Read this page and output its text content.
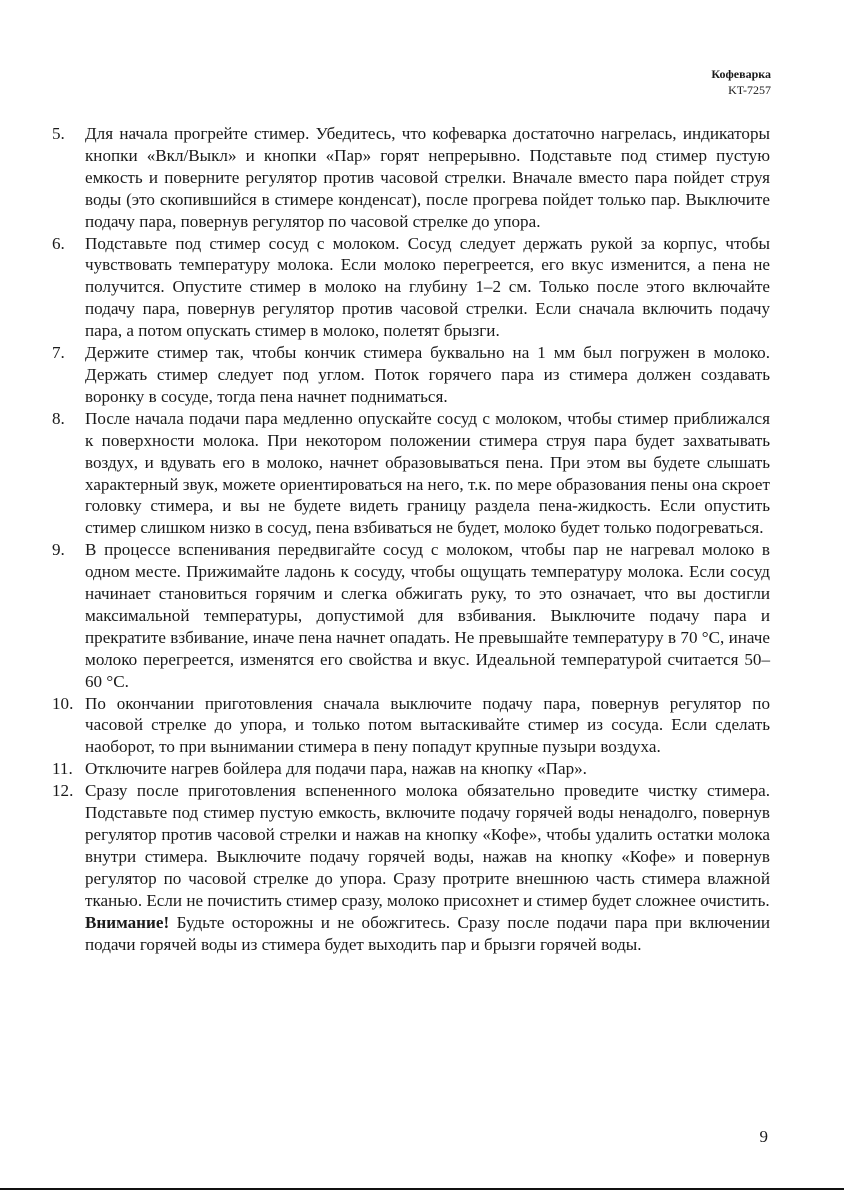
Кофеварка
KT-7257
5.	Для начала прогрейте стимер. Убедитесь, что кофеварка достаточно нагрелась, индикаторы кнопки «Вкл/Выкл» и кнопки «Пар» горят непрерывно. Подставьте под стимер пустую емкость и поверните регулятор против часовой стрелки. Вначале вместо пара пойдет струя воды (это скопившийся в стимере конденсат), после прогрева пойдет только пар. Выключите подачу пара, повернув регулятор по часовой стрелке до упора.
6.	Подставьте под стимер сосуд с молоком. Сосуд следует держать рукой за корпус, чтобы чувствовать температуру молока. Если молоко перегреется, его вкус изменится, а пена не получится. Опустите стимер в молоко на глубину 1–2 см. Только после этого включайте подачу пара, повернув регулятор против часовой стрелки. Если сначала включить подачу пара, а потом опускать стимер в молоко, полетят брызги.
7.	Держите стимер так, чтобы кончик стимера буквально на 1 мм был погружен в молоко. Держать стимер следует под углом. Поток горячего пара из стимера должен создавать воронку в сосуде, тогда пена начнет подниматься.
8.	После начала подачи пара медленно опускайте сосуд с молоком, чтобы стимер приближался к поверхности молока. При некотором положении стимера струя пара будет захватывать воздух, и вдувать его в молоко, начнет образовываться пена. При этом вы будете слышать характерный звук, можете ориентироваться на него, т.к. по мере образования пены она скроет головку стимера, и вы не будете видеть границу раздела пена-жидкость. Если опустить стимер слишком низко в сосуд, пена взбиваться не будет, молоко будет только подогреваться.
9.	В процессе вспенивания передвигайте сосуд с молоком, чтобы пар не нагревал молоко в одном месте. Прижимайте ладонь к сосуду, чтобы ощущать температуру молока. Если сосуд начинает становиться горячим и слегка обжигать руку, то это означает, что вы достигли максимальной температуры, допустимой для взбивания. Выключите подачу пара и прекратите взбивание, иначе пена начнет опадать. Не превышайте температуру в 70 °C, иначе молоко перегреется, изменятся его свойства и вкус. Идеальной температурой считается 50–60 °C.
10. По окончании приготовления сначала выключите подачу пара, повернув регулятор по часовой стрелке до упора, и только потом вытаскивайте стимер из сосуда. Если сделать наоборот, то при вынимании стимера в пену попадут крупные пузыри воздуха.
11. Отключите нагрев бойлера для подачи пара, нажав на кнопку «Пар».
12. Сразу после приготовления вспененного молока обязательно проведите чистку стимера. Подставьте под стимер пустую емкость, включите подачу горячей воды ненадолго, повернув регулятор против часовой стрелки и нажав на кнопку «Кофе», чтобы удалить остатки молока внутри стимера. Выключите подачу горячей воды, нажав на кнопку «Кофе» и повернув регулятор по часовой стрелке до упора. Сразу протрите внешнюю часть стимера влажной тканью. Если не почистить стимер сразу, молоко присохнет и стимер будет сложнее очистить.
Внимание! Будьте осторожны и не обожгитесь. Сразу после подачи пара при включении подачи горячей воды из стимера будет выходить пар и брызги горячей воды.
9
